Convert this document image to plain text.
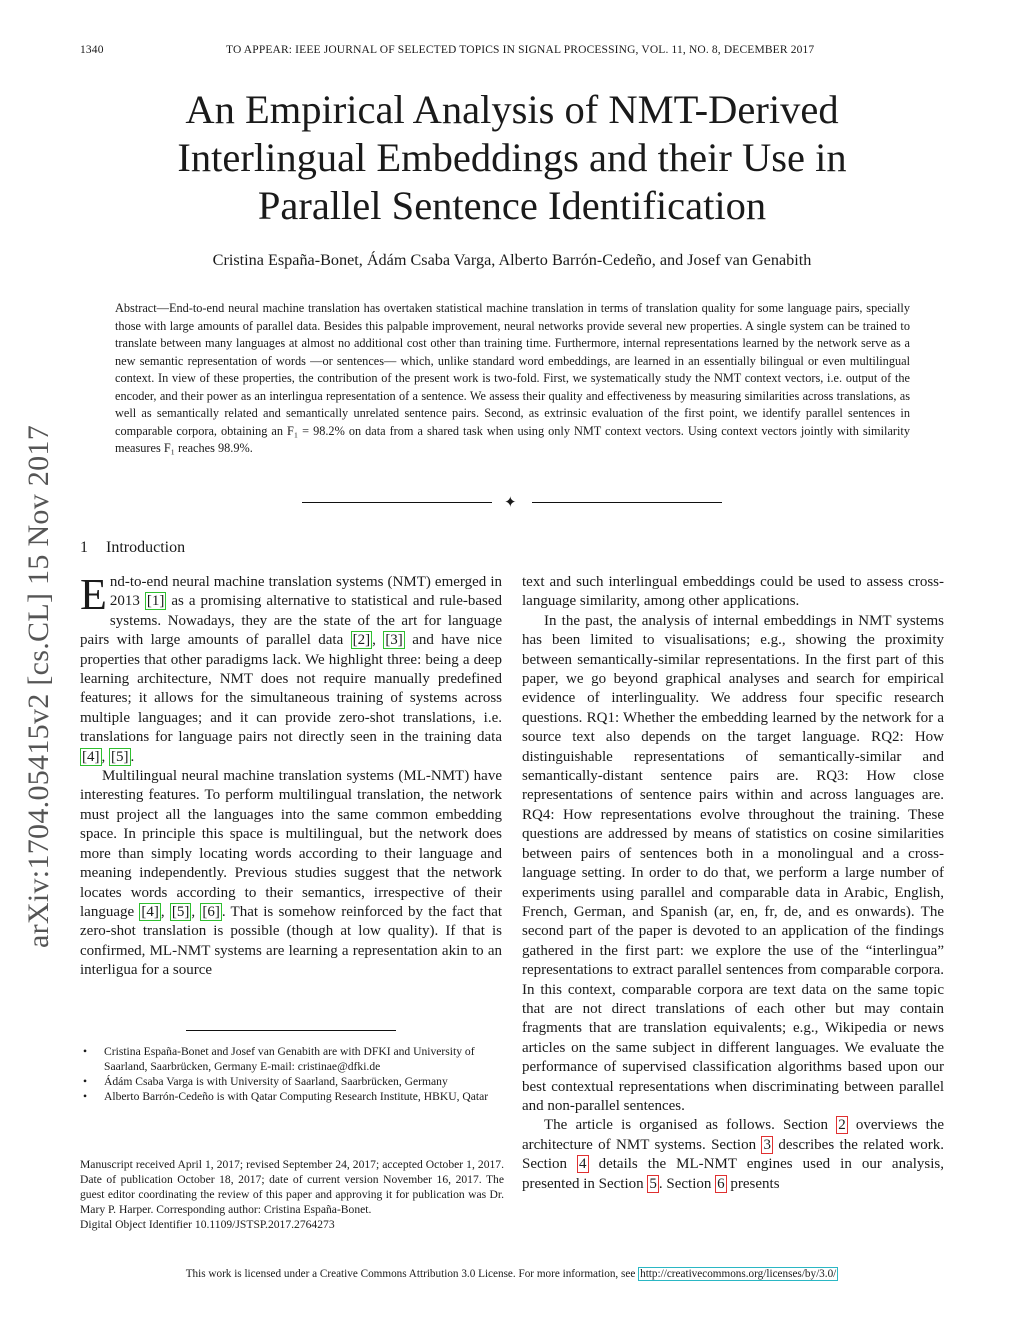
1340	TO APPEAR: IEEE JOURNAL OF SELECTED TOPICS IN SIGNAL PROCESSING, VOL. 11, NO. 8, DECEMBER 2017
arXiv:1704.05415v2 [cs.CL] 15 Nov 2017
An Empirical Analysis of NMT-Derived
Interlingual Embeddings and their Use in
Parallel Sentence Identification
Cristina España-Bonet, Ádám Csaba Varga, Alberto Barrón-Cedeño, and Josef van Genabith

Abstract—End-to-end neural machine translation has overtaken statistical machine translation in terms of translation quality for some language pairs, specially those with large amounts of parallel data. Besides this palpable improvement, neural networks provide several new properties. A single system can be trained to translate between many languages at almost no additional cost other than training time. Furthermore, internal representations learned by the network serve as a new semantic representation of words —or sentences— which, unlike standard word embeddings, are learned in an essentially bilingual or even multilingual context. In view of these properties, the contribution of the present work is two-fold. First, we systematically study the NMT context vectors, i.e. output of the encoder, and their power as an interlingua representation of a sentence. We assess their quality and effectiveness by measuring similarities across translations, as well as semantically related and semantically unrelated sentence pairs. Second, as extrinsic evaluation of the first point, we identify parallel sentences in comparable corpora, obtaining an F₁ = 98.2% on data from a shared task when using only NMT context vectors. Using context vectors jointly with similarity measures F₁ reaches 98.9%.

✦
1 Introduction

End-to-end neural machine translation systems (NMT) emerged in 2013 [1] as a promising alternative to statistical and rule-based systems. Nowadays, they are the state of the art for language pairs with large amounts of parallel data [2] , [3] and have nice properties that other paradigms lack. We highlight three: being a deep learning architecture, NMT does not require manually predefined features; it allows for the simultaneous training of systems across multiple languages; and it can provide zero-shot translations, i.e. translations for language pairs not directly seen in the training data [4] , [5] .

Multilingual neural machine translation systems (ML-NMT) have interesting features. To perform multilingual translation, the network must project all the languages into the same common embedding space. In principle this space is multilingual, but the network does more than simply locating words according to their language and meaning independently. Previous studies suggest that the network locates words according to their semantics, irrespective of their language [4] , [5] , [6] . That is somehow reinforced by the fact that zero-shot translation is possible (though at low quality). If that is confirmed, ML-NMT systems are learning a representation akin to an interligua for a source

• Cristina España-Bonet and Josef van Genabith are with DFKI and University of Saarland, Saarbrücken, Germany E-mail: cristinae@dfki.de
• Ádám Csaba Varga is with University of Saarland, Saarbrücken, Germany
• Alberto Barrón-Cedeño is with Qatar Computing Research Institute, HBKU, Qatar

Manuscript received April 1, 2017; revised September 24, 2017; accepted October 1, 2017. Date of publication October 18, 2017; date of current version November 16, 2017. The guest editor coordinating the review of this paper and approving it for publication was Dr. Mary P. Harper. Corresponding author: Cristina España-Bonet.
Digital Object Identifier 10.1109/JSTSP.2017.2764273

text and such interlingual embeddings could be used to assess cross-language similarity, among other applications.

In the past, the analysis of internal embeddings in NMT systems has been limited to visualisations; e.g., showing the proximity between semantically-similar representations. In the first part of this paper, we go beyond graphical analyses and search for empirical evidence of interlinguality. We address four specific research questions. RQ1: Whether the embedding learned by the network for a source text also depends on the target language. RQ2: How distinguishable representations of semantically-similar and semantically-distant sentence pairs are. RQ3: How close representations of sentence pairs within and across languages are. RQ4: How representations evolve throughout the training. These questions are addressed by means of statistics on cosine similarities between pairs of sentences both in a monolingual and a cross-language setting. In order to do that, we perform a large number of experiments using parallel and comparable data in Arabic, English, French, German, and Spanish (ar, en, fr, de, and es onwards). The second part of the paper is devoted to an application of the findings gathered in the first part: we explore the use of the “interlingua” representations to extract parallel sentences from comparable corpora. In this context, comparable corpora are text data on the same topic that are not direct translations of each other but may contain fragments that are translation equivalents; e.g., Wikipedia or news articles on the same subject in different languages. We evaluate the performance of supervised classification algorithms based upon our best contextual representations when discriminating between parallel and non-parallel sentences.

The article is organised as follows. Section 2 overviews the architecture of NMT systems. Section 3 describes the related work. Section 4 details the ML-NMT engines used in our analysis, presented in Section 5 . Section 6 presents

This work is licensed under a Creative Commons Attribution 3.0 License. For more information, see http://creativecommons.org/licenses/by/3.0/
